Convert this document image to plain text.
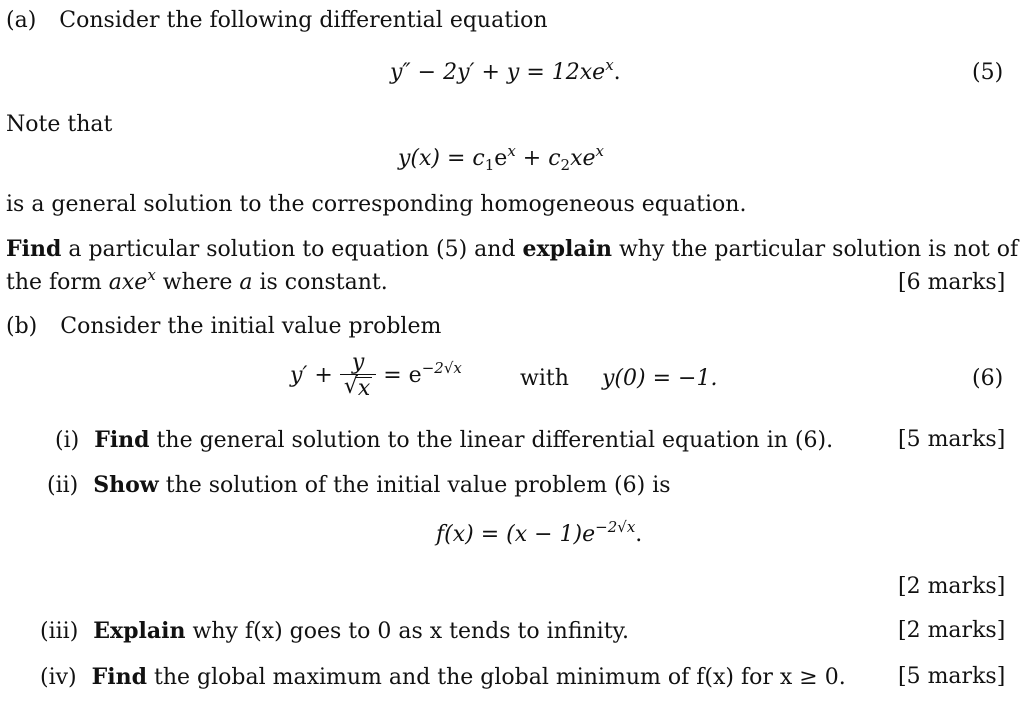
(a) Consider the following differential equation
$y'' - 2y' + y = 12xe^x$.	(5)
Note that
$y(x) = c_1e^x + c_2xe^x$
is a general solution to the corresponding homogeneous equation.
Find a particular solution to equation (5) and explain why the particular solution is not of
the form axe$^x$ where a is constant.	[6 marks]
(b) Consider the initial value problem
y′ + y
√ $x = e^{-2√x}$	with y(0) = −1.	(6)
(i) Find the general solution to the linear differential equation in (6).	[5 marks]
(ii) Show the solution of the initial value problem (6) is
$f(x) = (x - 1)e^{-2√x}$.
[2 marks]
(iii) Explain why f(x) goes to 0 as x tends to infinity.	[2 marks]
(iv) Find the global maximum and the global minimum of f(x) for x ≥ 0. [5 marks]
